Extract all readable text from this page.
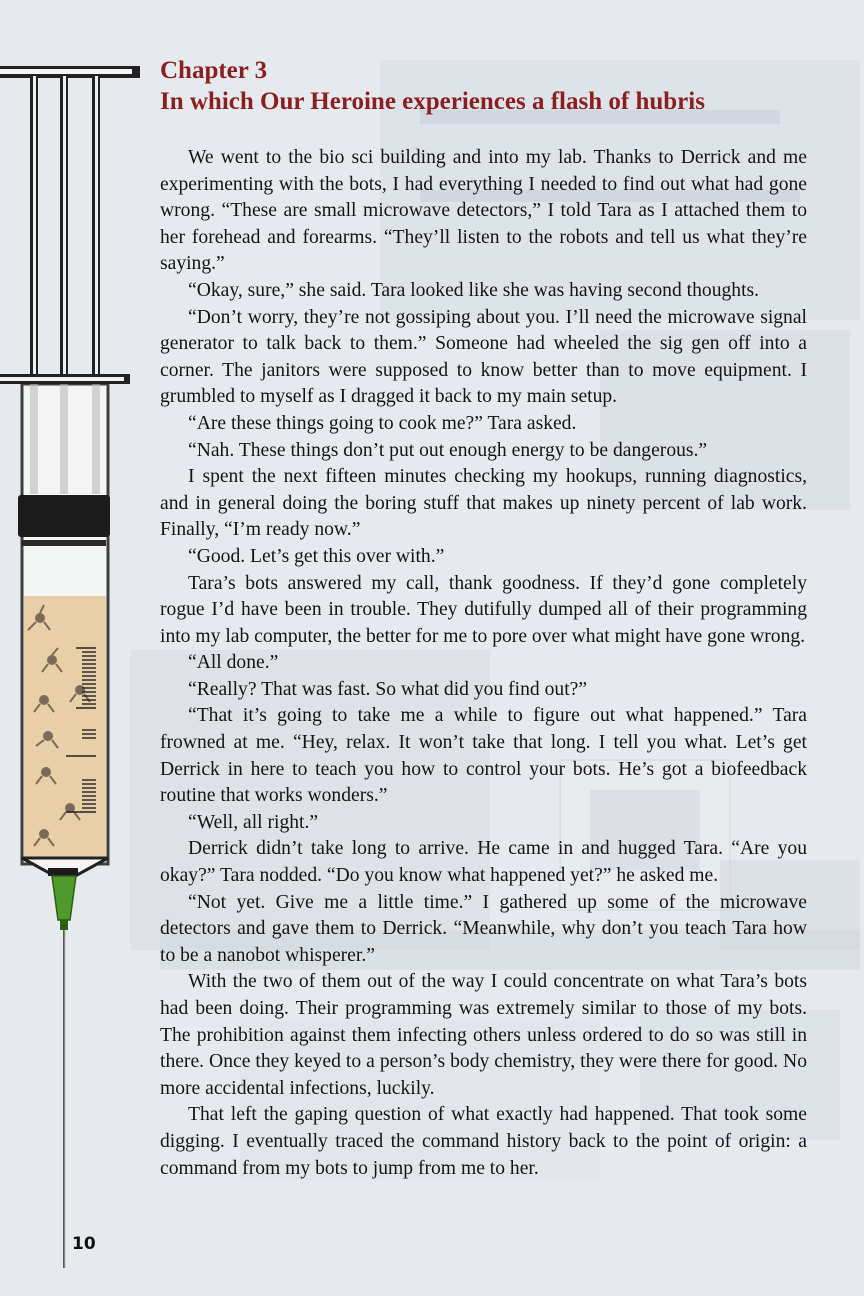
Chapter 3
In which Our Heroine experiences a flash of hubris

We went to the bio sci building and into my lab. Thanks to Derrick and me experimenting with the bots, I had everything I needed to find out what had gone wrong. “These are small microwave detectors,” I told Tara as I attached them to her forehead and forearms. “They’ll listen to the robots and tell us what they’re saying.”

“Okay, sure,” she said. Tara looked like she was having second thoughts.

“Don’t worry, they’re not gossiping about you. I’ll need the microwave signal generator to talk back to them.” Someone had wheeled the sig gen off into a corner. The janitors were supposed to know better than to move equipment. I grumbled to myself as I dragged it back to my main setup.

“Are these things going to cook me?” Tara asked.

“Nah. These things don’t put out enough energy to be dangerous.”

I spent the next fifteen minutes checking my hookups, running diagnostics, and in general doing the boring stuff that makes up ninety percent of lab work. Finally, “I’m ready now.”

“Good. Let’s get this over with.”

Tara’s bots answered my call, thank goodness. If they’d gone completely rogue I’d have been in trouble. They dutifully dumped all of their programming into my lab computer, the better for me to pore over what might have gone wrong.

“All done.”

“Really? That was fast. So what did you find out?”

“That it’s going to take me a while to figure out what happened.” Tara frowned at me. “Hey, relax. It won’t take that long. I tell you what. Let’s get Derrick in here to teach you how to control your bots. He’s got a biofeedback routine that works wonders.”

“Well, all right.”

Derrick didn’t take long to arrive. He came in and hugged Tara. “Are you okay?” Tara nodded. “Do you know what happened yet?” he asked me.

“Not yet. Give me a little time.” I gathered up some of the microwave detectors and gave them to Derrick. “Meanwhile, why don’t you teach Tara how to be a nanobot whisperer.”

With the two of them out of the way I could concentrate on what Tara’s bots had been doing. Their programming was extremely similar to those of my bots. The prohibition against them infecting others unless ordered to do so was still in there. Once they keyed to a person’s body chemistry, they were there for good. No more accidental infections, luckily.

That left the gaping question of what exactly had happened. That took some digging. I eventually traced the command history back to the point of origin: a command from my bots to jump from me to her.

10
